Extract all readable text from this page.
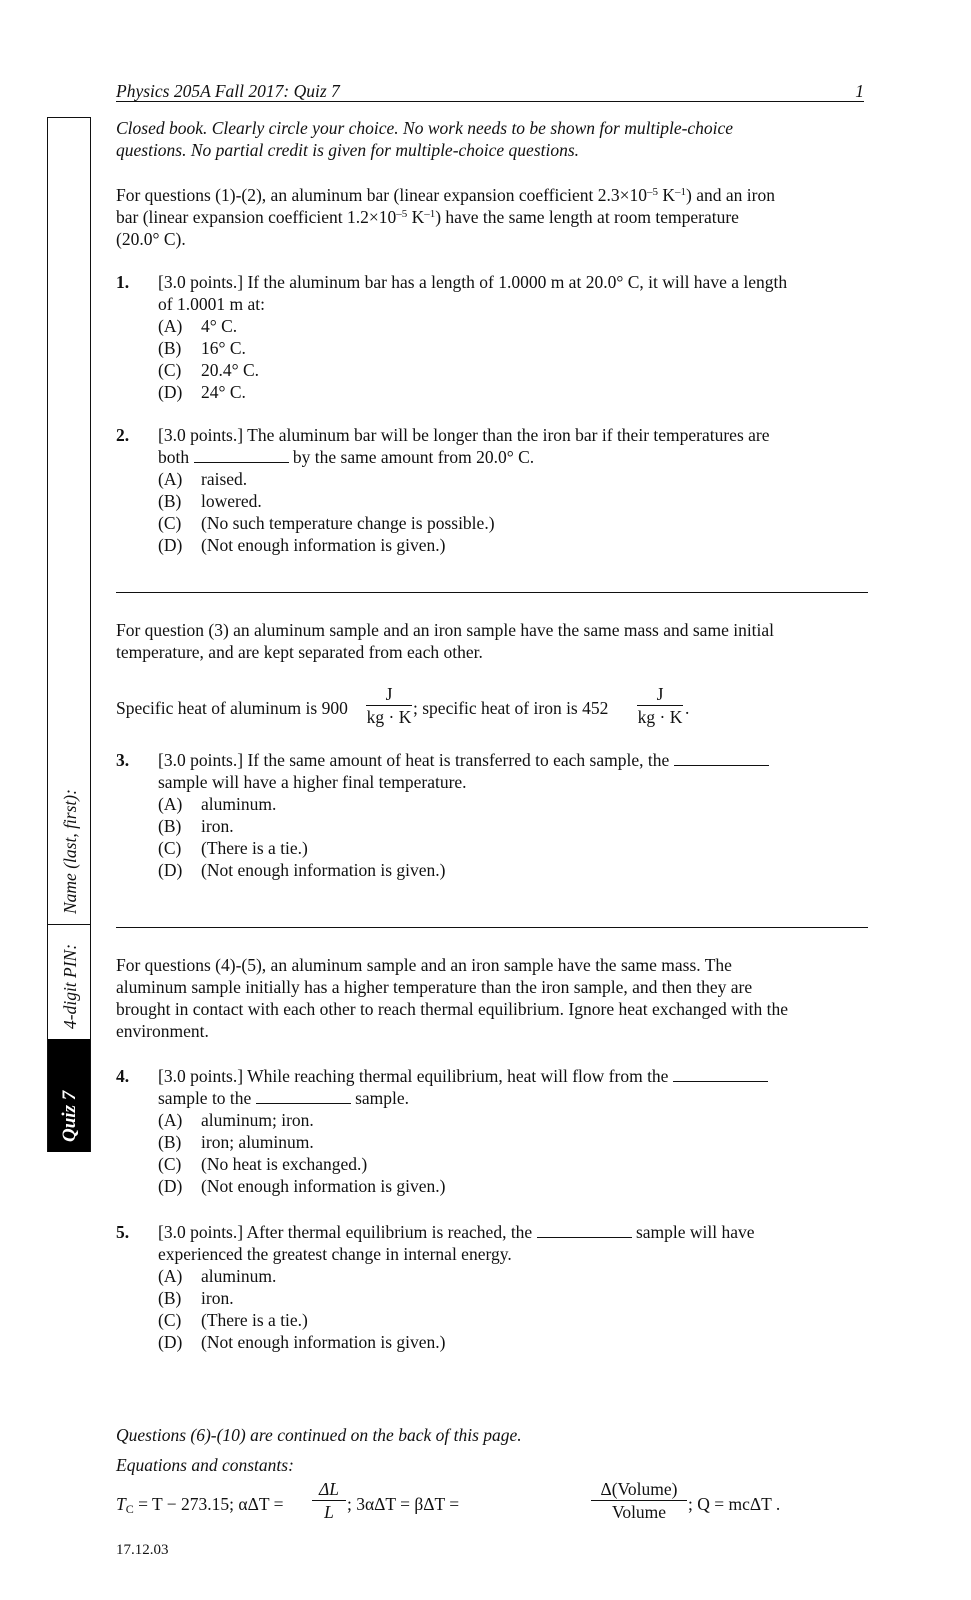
Physics 205A Fall 2017: Quiz 7	1
Name (last, first):
4-digit PIN:
Quiz 7
Closed book. Clearly circle your choice. No work needs to be shown for multiple-choice
questions. No partial credit is given for multiple-choice questions.
For questions (1)-(2), an aluminum bar (linear expansion coefficient $2.3\times 10^{-5}$ $K^{-1}$) and an iron
bar (linear expansion coefficient $1.2\times 10^{-5}$ $K^{-1}$) have the same length at room temperature
(20.0° C).
1. [3.0 points.] If the aluminum bar has a length of 1.0000 m at 20.0° C, it will have a length
of 1.0001 m at:
(A)	4° C.
(B)	16° C.
(C)	20.4° C.
(D)	24° C.
2. [3.0 points.] The aluminum bar will be longer than the iron bar if their temperatures are
both	by the same amount from 20.0° C.
(A)	raised.
(B)	lowered.
(C)	(No such temperature change is possible.)
(D)	(Not enough information is given.)
For question (3) an aluminum sample and an iron sample have the same mass and same initial
temperature, and are kept separated from each other.
Specific heat of aluminum is 900
J
kg · K ; specific heat of iron is 452
J
kg · K .
3. [3.0 points.] If the same amount of heat is transferred to each sample, the
sample will have a higher final temperature.
(A)	aluminum.
(B)	iron.
(C)	(There is a tie.)
(D)	(Not enough information is given.)
For questions (4)-(5), an aluminum sample and an iron sample have the same mass. The
aluminum sample initially has a higher temperature than the iron sample, and then they are
brought in contact with each other to reach thermal equilibrium. Ignore heat exchanged with the
environment.
4. [3.0 points.] While reaching thermal equilibrium, heat will flow from the
sample to the	sample.
(A)	aluminum; iron.
(B)	iron; aluminum.
(C)	(No heat is exchanged.)
(D)	(Not enough information is given.)
5. [3.0 points.] After thermal equilibrium is reached, the	sample will have
experienced the greatest change in internal energy.
(A)	aluminum.
(B)	iron.
(C)	(There is a tie.)
(D)	(Not enough information is given.)
Questions (6)-(10) are continued on the back of this page.
Equations and constants:
$T_C = T - 273.15$; αΔT =
ΔL
L ; 3αΔT = βΔT =
Δ(Volume)
Volume	; Q = mcΔT .
17.12.03
